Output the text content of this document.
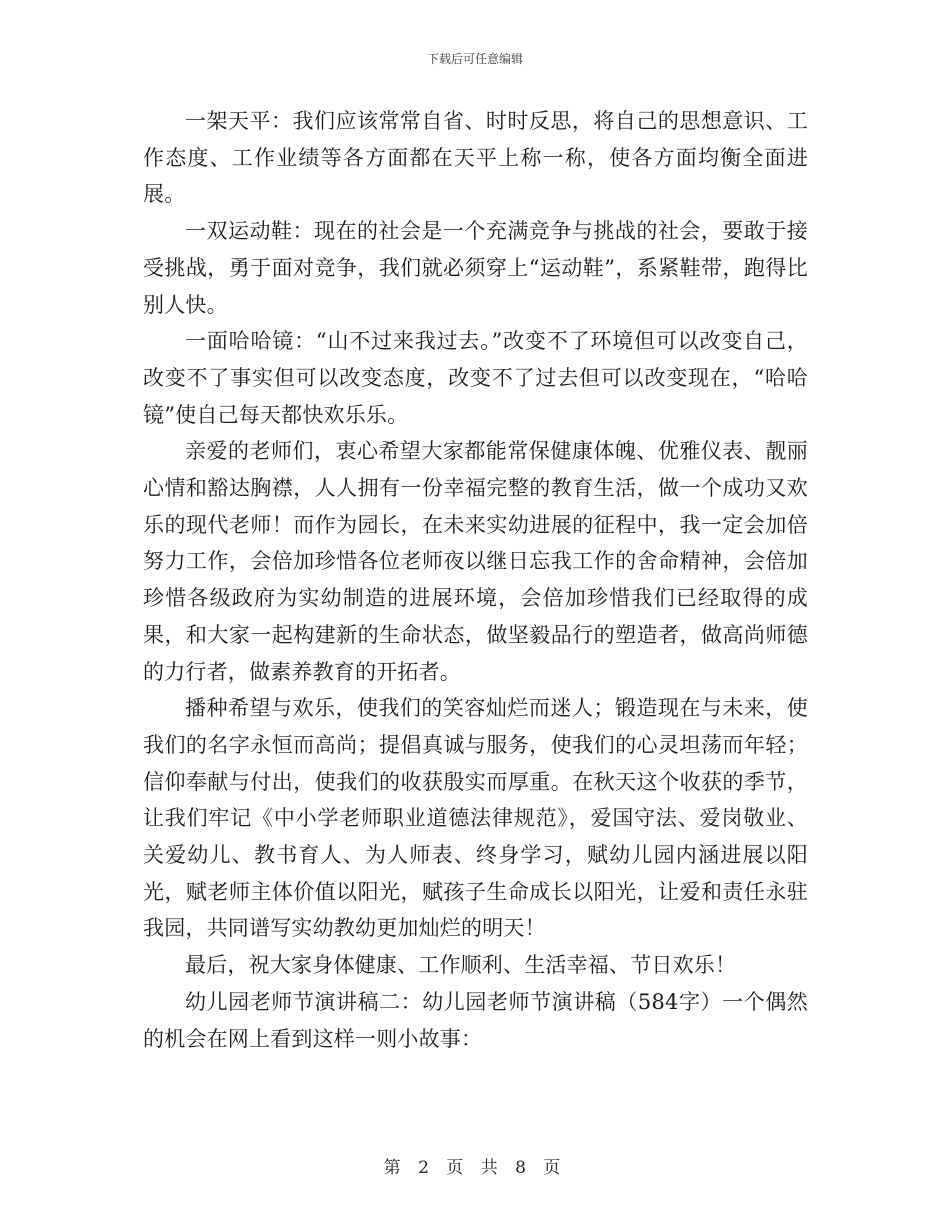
下载后可任意编辑

一架天平：我们应该常常自省、时时反思，将自己的思想意识、工作态度、工作业绩等各方面都在天平上称一称，使各方面均衡全面进展。

一双运动鞋：现在的社会是一个充满竞争与挑战的社会，要敢于接受挑战，勇于面对竞争，我们就必须穿上“运动鞋”，系紧鞋带，跑得比别人快。

一面哈哈镜：“山不过来我过去。”改变不了环境但可以改变自己，改变不了事实但可以改变态度，改变不了过去但可以改变现在，“哈哈镜”使自己每天都快欢乐乐。

亲爱的老师们，衷心希望大家都能常保健康体魄、优雅仪表、靓丽心情和豁达胸襟，人人拥有一份幸福完整的教育生活，做一个成功又欢乐的现代老师！而作为园长，在未来实幼进展的征程中，我一定会加倍努力工作，会倍加珍惜各位老师夜以继日忘我工作的舍命精神，会倍加珍惜各级政府为实幼制造的进展环境，会倍加珍惜我们已经取得的成果，和大家一起构建新的生命状态，做坚毅品行的塑造者，做高尚师德的力行者，做素养教育的开拓者。

播种希望与欢乐，使我们的笑容灿烂而迷人；锻造现在与未来，使我们的名字永恒而高尚；提倡真诚与服务，使我们的心灵坦荡而年轻；信仰奉献与付出，使我们的收获殷实而厚重。在秋天这个收获的季节，让我们牢记《中小学老师职业道德法律规范》，爱国守法、爱岗敬业、关爱幼儿、教书育人、为人师表、终身学习，赋幼儿园内涵进展以阳光，赋老师主体价值以阳光，赋孩子生命成长以阳光，让爱和责任永驻我园，共同谱写实幼教幼更加灿烂的明天！

最后，祝大家身体健康、工作顺利、生活幸福、节日欢乐！

幼儿园老师节演讲稿二：幼儿园老师节演讲稿（584字）一个偶然的机会在网上看到这样一则小故事：

第 2 页 共 8 页
